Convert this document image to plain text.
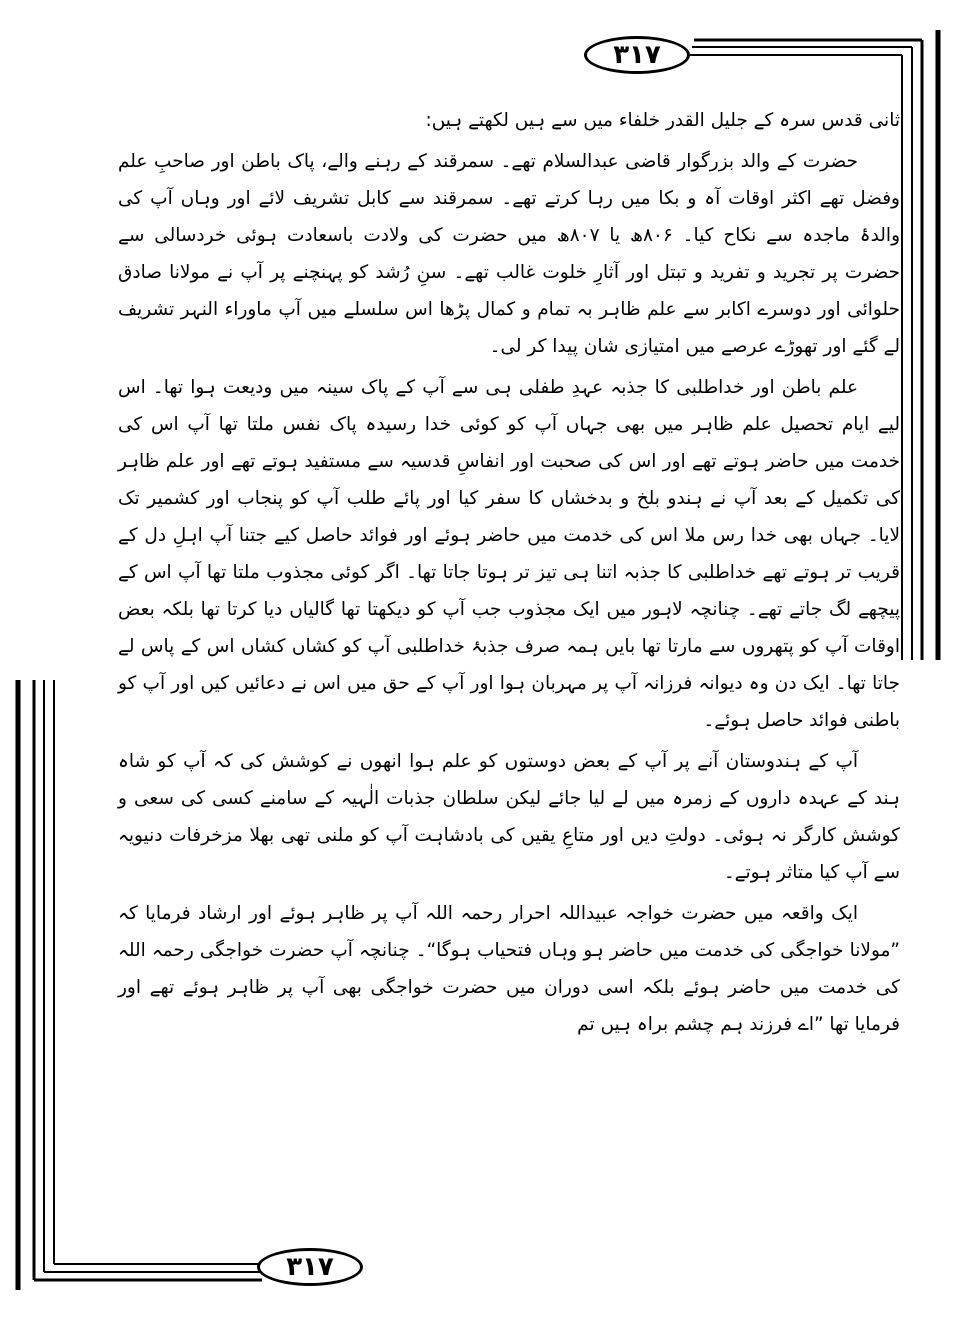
۳۱۷

ثانی قدس سرہ کے جلیل القدر خلفاء میں سے ہیں لکھتے ہیں:

حضرت کے والد بزرگوار قاضی عبدالسلام تھے۔ سمرقند کے رہنے والے، پاک باطن اور صاحبِ علم وفضل تھے اکثر اوقات آہ و بکا میں رہا کرتے تھے۔ سمرقند سے کابل تشریف لائے اور وہاں آپ کی والدۂ ماجدہ سے نکاح کیا۔ ۸۰۶ھ یا ۸۰۷ھ میں حضرت کی ولادت باسعادت ہوئی خردسالی سے حضرت پر تجرید و تفرید و تبتل اور آثارِ خلوت غالب تھے۔ سنِ رُشد کو پہنچنے پر آپ نے مولانا صادق حلوائی اور دوسرے اکابر سے علم ظاہر بہ تمام و کمال پڑھا اس سلسلے میں آپ ماوراء النہر تشریف لے گئے اور تھوڑے عرصے میں امتیازی شان پیدا کر لی۔

علم باطن اور خداطلبی کا جذبہ عہدِ طفلی ہی سے آپ کے پاک سینہ میں ودیعت ہوا تھا۔ اس لیے ایام تحصیل علم ظاہر میں بھی جہاں آپ کو کوئی خدا رسیدہ پاک نفس ملتا تھا آپ اس کی خدمت میں حاضر ہوتے تھے اور اس کی صحبت اور انفاسِ قدسیہ سے مستفید ہوتے تھے اور علم ظاہر کی تکمیل کے بعد آپ نے ہندو بلخ و بدخشاں کا سفر کیا اور پائے طلب آپ کو پنجاب اور کشمیر تک لایا۔ جہاں بھی خدا رس ملا اس کی خدمت میں حاضر ہوئے اور فوائد حاصل کیے جتنا آپ اہلِ دل کے قریب تر ہوتے تھے خداطلبی کا جذبہ اتنا ہی تیز تر ہوتا جاتا تھا۔ اگر کوئی مجذوب ملتا تھا آپ اس کے پیچھے لگ جاتے تھے۔ چنانچہ لاہور میں ایک مجذوب جب آپ کو دیکھتا تھا گالیاں دیا کرتا تھا بلکہ بعض اوقات آپ کو پتھروں سے مارتا تھا بایں ہمہ صرف جذبۂ خداطلبی آپ کو کشاں کشاں اس کے پاس لے جاتا تھا۔ ایک دن وہ دیوانہ فرزانہ آپ پر مہربان ہوا اور آپ کے حق میں اس نے دعائیں کیں اور آپ کو باطنی فوائد حاصل ہوئے۔

آپ کے ہندوستان آنے پر آپ کے بعض دوستوں کو علم ہوا انھوں نے کوشش کی کہ آپ کو شاہ ہند کے عہدہ داروں کے زمرہ میں لے لیا جائے لیکن سلطان جذبات الٰہیہ کے سامنے کسی کی سعی و کوشش کارگر نہ ہوئی۔ دولتِ دیں اور متاعِ یقیں کی بادشاہت آپ کو ملنی تھی بھلا مزخرفات دنیویہ سے آپ کیا متاثر ہوتے۔

ایک واقعہ میں حضرت خواجہ عبیداللہ احرار رحمہ اللہ آپ پر ظاہر ہوئے اور ارشاد فرمایا کہ ”مولانا خواجگی کی خدمت میں حاضر ہو وہاں فتحیاب ہوگا“۔ چنانچہ آپ حضرت خواجگی رحمہ اللہ کی خدمت میں حاضر ہوئے بلکہ اسی دوران میں حضرت خواجگی بھی آپ پر ظاہر ہوئے تھے اور فرمایا تھا ”اے فرزند ہم چشم براہ ہیں تم

۳۱۷
